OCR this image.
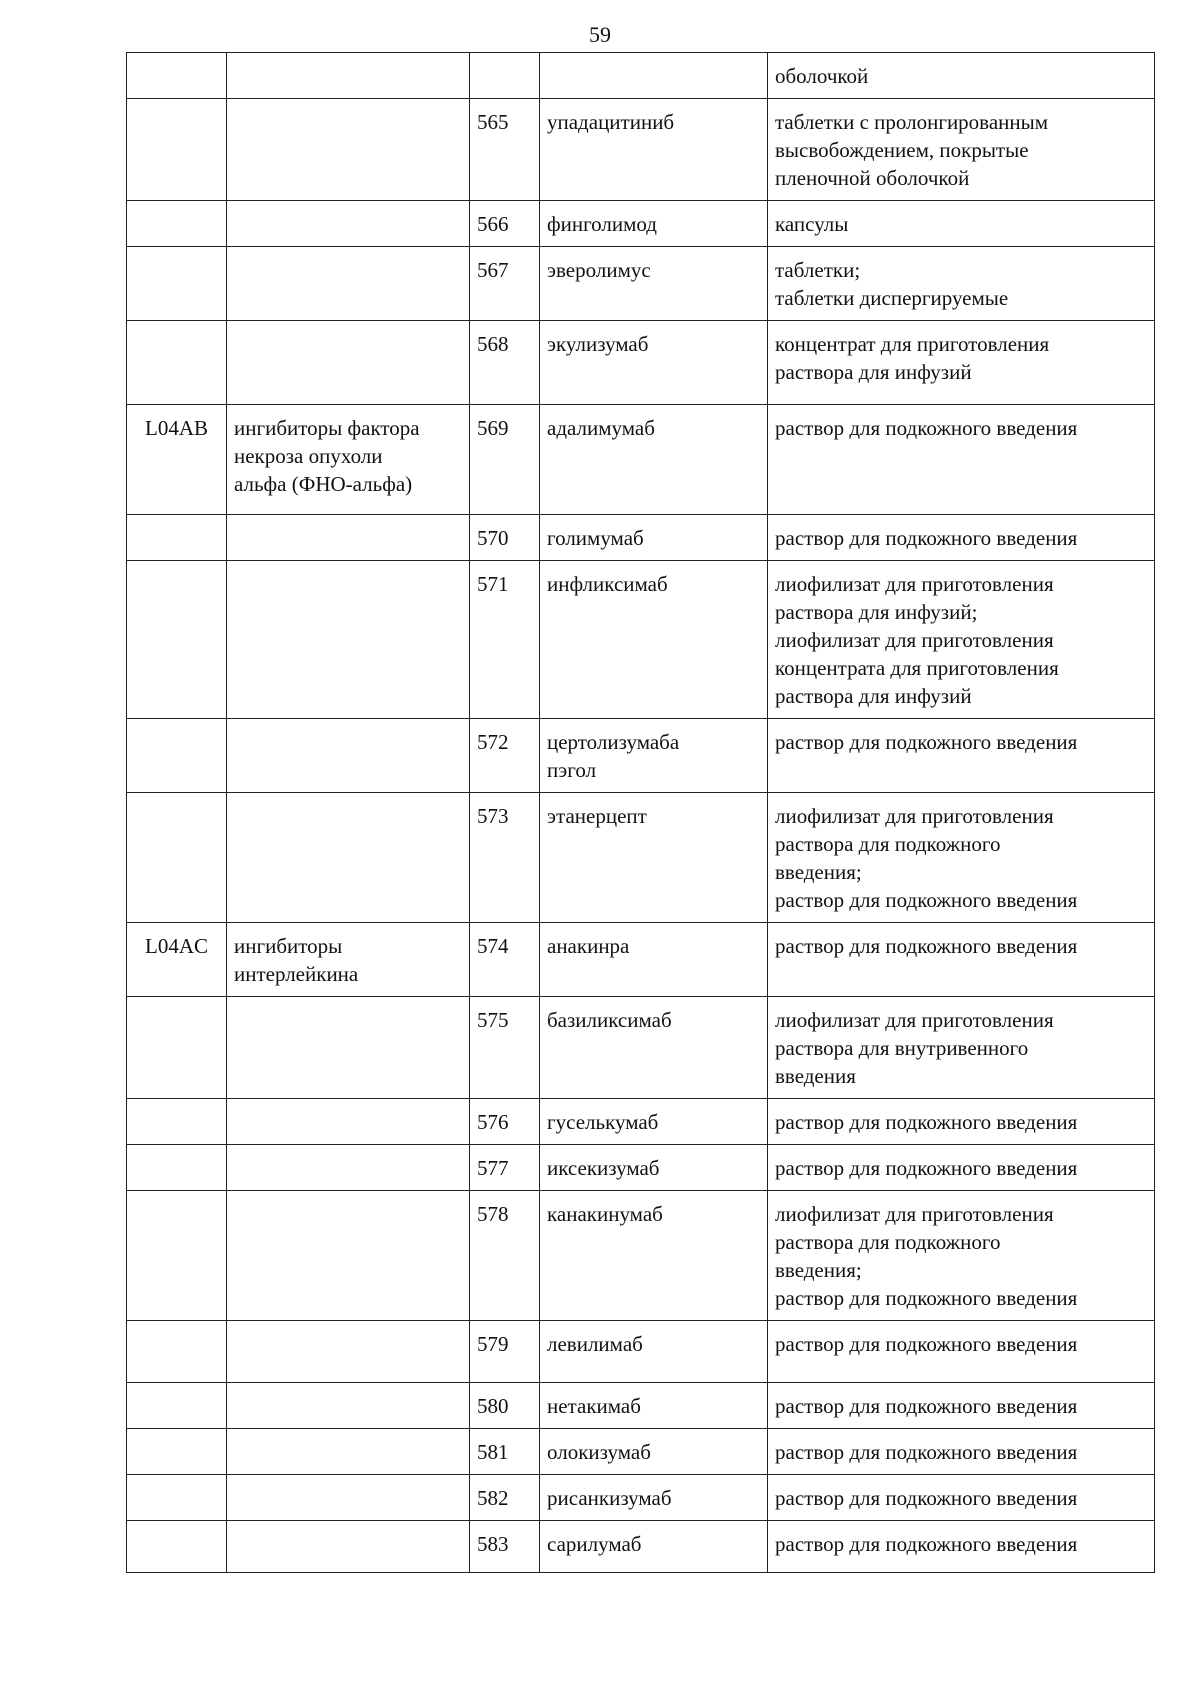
59
				оболочкой
		565	упадацитиниб	таблетки с пролонгированным
высвобождением, покрытые
пленочной оболочкой
		566	финголимод	капсулы
		567	эверолимус	таблетки;
таблетки диспергируемые
		568	экулизумаб	концентрат для приготовления
раствора для инфузий
L04AB	ингибиторы фактора
некроза опухоли
альфа (ФНО-альфа)	569	адалимумаб	раствор для подкожного введения
		570	голимумаб	раствор для подкожного введения
		571	инфликсимаб	лиофилизат для приготовления
раствора для инфузий;
лиофилизат для приготовления
концентрата для приготовления
раствора для инфузий
		572	цертолизумаба
пэгол	раствор для подкожного введения
		573	этанерцепт	лиофилизат для приготовления
раствора для подкожного
введения;
раствор для подкожного введения
L04AC	ингибиторы
интерлейкина	574	анакинра	раствор для подкожного введения
		575	базиликсимаб	лиофилизат для приготовления
раствора для внутривенного
введения
		576	гуселькумаб	раствор для подкожного введения
		577	иксекизумаб	раствор для подкожного введения
		578	канакинумаб	лиофилизат для приготовления
раствора для подкожного
введения;
раствор для подкожного введения
		579	левилимаб	раствор для подкожного введения
		580	нетакимаб	раствор для подкожного введения
		581	олокизумаб	раствор для подкожного введения
		582	рисанкизумаб	раствор для подкожного введения
		583	сарилумаб	раствор для подкожного введения
